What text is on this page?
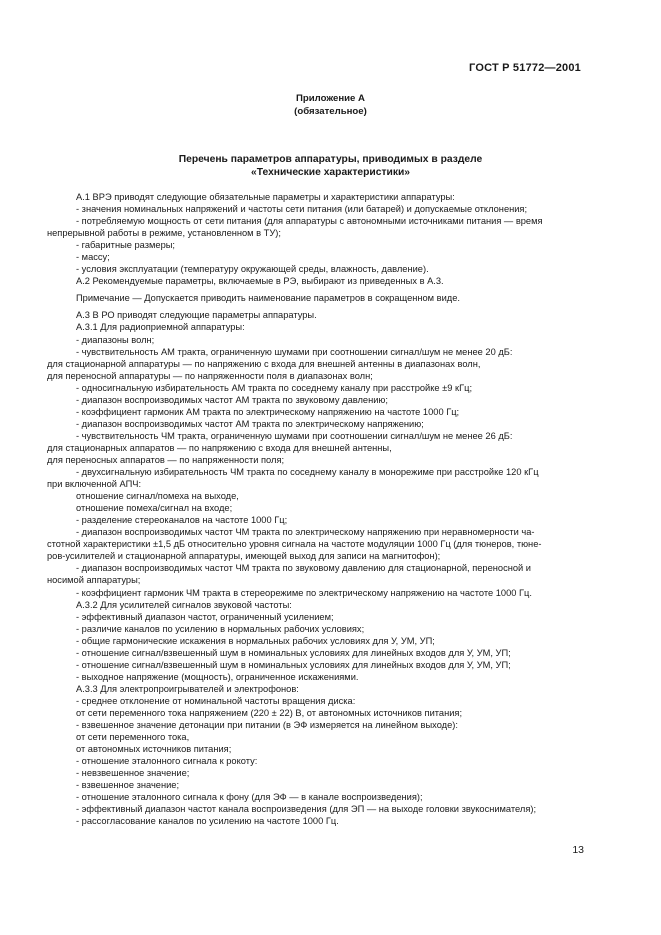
ГОСТ Р 51772—2001
Приложение А
(обязательное)
Перечень параметров аппаратуры, приводимых в разделе
«Технические характеристики»
А.1 ВРЭ приводят следующие обязательные параметры и характеристики аппаратуры:
- значения номинальных напряжений и частоты сети питания (или батарей) и допускаемые отклонения;
- потребляемую мощность от сети питания (для аппаратуры с автономными источниками питания — время
непрерывной работы в режиме, установленном в ТУ);
- габаритные размеры;
- массу;
- условия эксплуатации (температуру окружающей среды, влажность, давление).
А.2 Рекомендуемые параметры, включаемые в РЭ, выбирают из приведенных в А.3.
Примечание — Допускается приводить наименование параметров в сокращенном виде.
А.3 В РО приводят следующие параметры аппаратуры.
А.3.1 Для радиоприемной аппаратуры:
- диапазоны волн;
- чувствительность АМ тракта, ограниченную шумами при соотношении сигнал/шум не менее 20 дБ:
для стационарной аппаратуры — по напряжению с входа для внешней антенны в диапазонах волн,
для переносной аппаратуры — по напряженности поля в диапазонах волн;
- односигнальную избирательность АМ тракта по соседнему каналу при расстройке ±9 кГц;
- диапазон воспроизводимых частот АМ тракта по звуковому давлению;
- коэффициент гармоник АМ тракта по электрическому напряжению на частоте 1000 Гц;
- диапазон воспроизводимых частот АМ тракта по электрическому напряжению;
- чувствительность ЧМ тракта, ограниченную шумами при соотношении сигнал/шум не менее 26 дБ:
для стационарных аппаратов — по напряжению с входа для внешней антенны,
для переносных аппаратов — по напряженности поля;
- двухсигнальную избирательность ЧМ тракта по соседнему каналу в монорежиме при расстройке 120 кГц
при включенной АПЧ:
отношение сигнал/помеха на выходе,
отношение помеха/сигнал на входе;
- разделение стереоканалов на частоте 1000 Гц;
- диапазон воспроизводимых частот ЧМ тракта по электрическому напряжению при неравномерности ча-
стотной характеристики ±1,5 дБ относительно уровня сигнала на частоте модуляции 1000 Гц (для тюнеров, тюне-
ров-усилителей и стационарной аппаратуры, имеющей выход для записи на магнитофон);
- диапазон воспроизводимых частот ЧМ тракта по звуковому давлению для стационарной, переносной и
носимой аппаратуры;
- коэффициент гармоник ЧМ тракта в стереорежиме по электрическому напряжению на частоте 1000 Гц.
А.3.2 Для усилителей сигналов звуковой частоты:
- эффективный диапазон частот, ограниченный усилением;
- различие каналов по усилению в нормальных рабочих условиях;
- общие гармонические искажения в нормальных рабочих условиях для У, УМ, УП;
- отношение сигнал/взвешенный шум в номинальных условиях для линейных входов для У, УМ, УП;
- отношение сигнал/взвешенный шум в номинальных условиях для линейных входов для У, УМ, УП;
- выходное напряжение (мощность), ограниченное искажениями.
А.3.3 Для электропроигрывателей и электрофонов:
- среднее отклонение от номинальной частоты вращения диска:
от сети переменного тока напряжением (220 ± 22) В, от автономных источников питания;
- взвешенное значение детонации при питании (в ЭФ измеряется на линейном выходе):
от сети переменного тока,
от автономных источников питания;
- отношение эталонного сигнала к рокоту:
- невзвешенное значение;
- взвешенное значение;
- отношение эталонного сигнала к фону (для ЭФ — в канале воспроизведения);
- эффективный диапазон частот канала воспроизведения (для ЭП — на выходе головки звукоснимателя);
- рассогласование каналов по усилению на частоте 1000 Гц.
13
